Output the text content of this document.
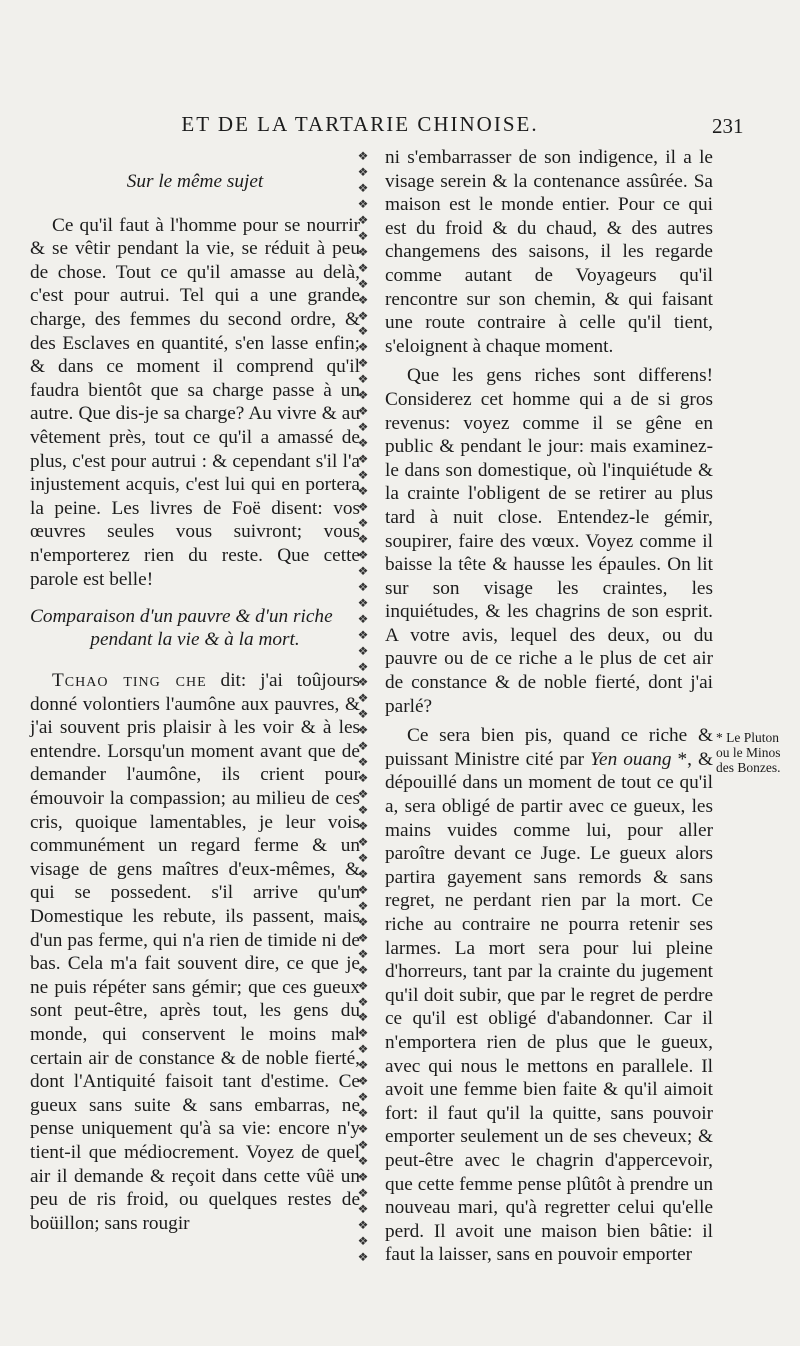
ET DE LA TARTARIE CHINOISE.	231

Sur le même sujet

Ce qu'il faut à l'homme pour se nourrir & se vêtir pendant la vie, se réduit à peu de chose. Tout ce qu'il amasse au delà, c'est pour autrui. Tel qui a une grande charge, des femmes du second ordre, & des Esclaves en quantité, s'en lasse enfin; & dans ce moment il comprend qu'il faudra bientôt que sa charge passe à un autre. Que dis-je sa charge? Au vivre & au vêtement près, tout ce qu'il a amassé de plus, c'est pour autrui : & cependant s'il l'a injustement acquis, c'est lui qui en portera la peine. Les livres de Foë disent: vos œuvres seules vous suivront; vous n'emporterez rien du reste. Que cette parole est belle!

Comparaison d'un pauvre & d'un riche
pendant la vie & à la mort.

Tchao ting che dit: j'ai toûjours donné volontiers l'aumône aux pauvres, & j'ai souvent pris plaisir à les voir & à les entendre. Lorsqu'un moment avant que de demander l'aumône, ils crient pour émouvoir la compassion; au milieu de ces cris, quoique lamentables, je leur vois communément un regard ferme & un visage de gens maîtres d'eux-mêmes, & qui se possedent. s'il arrive qu'un Domestique les rebute, ils passent, mais d'un pas ferme, qui n'a rien de timide ni de bas. Cela m'a fait souvent dire, ce que je ne puis répéter sans gémir; que ces gueux sont peut-être, après tout, les gens du monde, qui conservent le moins mal certain air de constance & de noble fierté, dont l'Antiquité faisoit tant d'estime. Ce gueux sans suite & sans embarras, ne pense uniquement qu'à sa vie: encore n'y tient-il que médiocrement. Voyez de quel air il demande & reçoit dans cette vûë un peu de ris froid, ou quelques restes de boüillon; sans rougir

❖
❖
❖
❖
❖
❖
❖
❖
❖
❖
❖
❖
❖
❖
❖
❖
❖
❖
❖
❖
❖
❖
❖
❖
❖
❖
❖
❖
❖
❖
❖
❖
❖
❖
❖
❖
❖
❖
❖
❖
❖
❖
❖
❖
❖
❖
❖
❖
❖
❖
❖
❖
❖
❖
❖
❖
❖
❖
❖
❖
❖
❖
❖
❖
❖
❖
❖
❖
❖
❖

ni s'embarrasser de son indigence, il a le visage serein & la contenance assûrée. Sa maison est le monde entier. Pour ce qui est du froid & du chaud, & des autres changemens des saisons, il les regarde comme autant de Voyageurs qu'il rencontre sur son chemin, & qui faisant une route contraire à celle qu'il tient, s'eloignent à chaque moment.

Que les gens riches sont differens! Considerez cet homme qui a de si gros revenus: voyez comme il se gêne en public & pendant le jour: mais examinez-le dans son domestique, où l'inquiétude & la crainte l'obligent de se retirer au plus tard à nuit close. Entendez-le gémir, soupirer, faire des vœux. Voyez comme il baisse la tête & hausse les épaules. On lit sur son visage les craintes, les inquiétudes, & les chagrins de son esprit. A votre avis, lequel des deux, ou du pauvre ou de ce riche a le plus de cet air de constance & de noble fierté, dont j'ai parlé?

Ce sera bien pis, quand ce riche & puissant Ministre cité par Yen ouang *, & dépouillé dans un moment de tout ce qu'il a, sera obligé de partir avec ce gueux, les mains vuides comme lui, pour aller paroître devant ce Juge. Le gueux alors partira gayement sans remords & sans regret, ne perdant rien par la mort. Ce riche au contraire ne pourra retenir ses larmes. La mort sera pour lui pleine d'horreurs, tant par la crainte du jugement qu'il doit subir, que par le regret de perdre ce qu'il est obligé d'abandonner. Car il n'emportera rien de plus que le gueux, avec qui nous le mettons en parallele. Il avoit une femme bien faite & qu'il aimoit fort: il faut qu'il la quitte, sans pouvoir emporter seulement un de ses cheveux; & peut-être avec le chagrin d'appercevoir, que cette femme pense plûtôt à prendre un nouveau mari, qu'à regretter celui qu'elle perd. Il avoit une maison bien bâtie: il faut la laisser, sans en pouvoir emporter

* Le Pluton ou le Minos des Bonzes.
